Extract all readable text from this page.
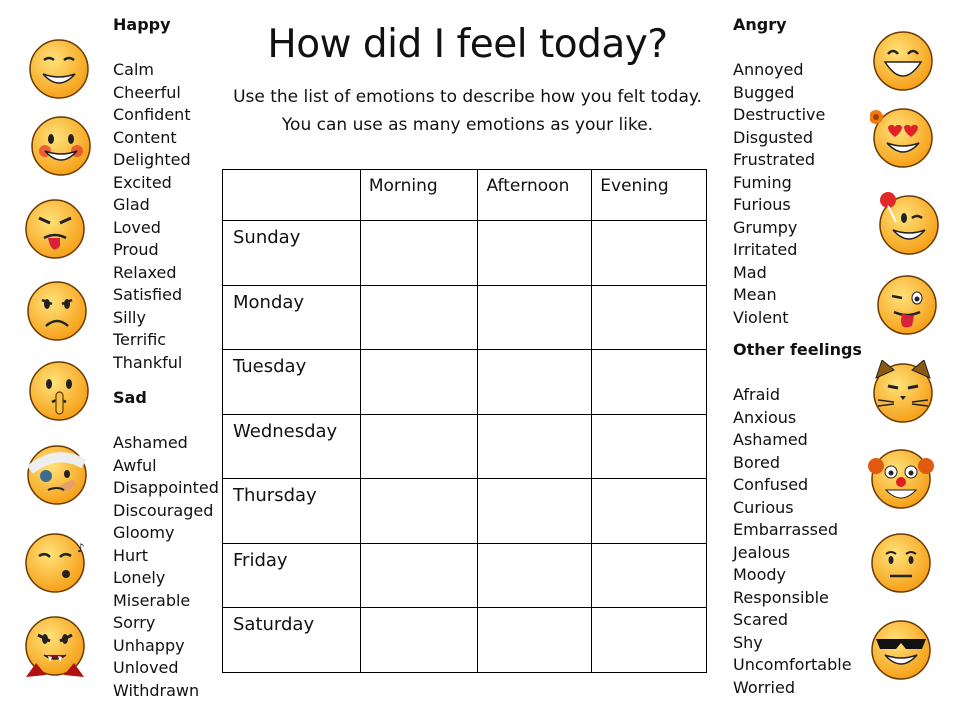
How did I feel today?
Use the list of emotions to describe how you felt today.
You can use as many emotions as your like.
Happy
Calm
Cheerful
Confident
Content
Delighted
Excited
Glad
Loved
Proud
Relaxed
Satisfied
Silly
Terrific
Thankful
Sad
Ashamed
Awful
Disappointed
Discouraged
Gloomy
Hurt
Lonely
Miserable
Sorry
Unhappy
Unloved
Withdrawn
Angry
Annoyed
Bugged
Destructive
Disgusted
Frustrated
Fuming
Furious
Grumpy
Irritated
Mad
Mean
Violent
Other feelings
Afraid
Anxious
Ashamed
Bored
Confused
Curious
Embarrassed
Jealous
Moody
Responsible
Scared
Shy
Uncomfortable
Worried
	Morning	Afternoon	Evening
Sunday			
Monday			
Tuesday			
Wednesday			
Thursday			
Friday			
Saturday			
♪
